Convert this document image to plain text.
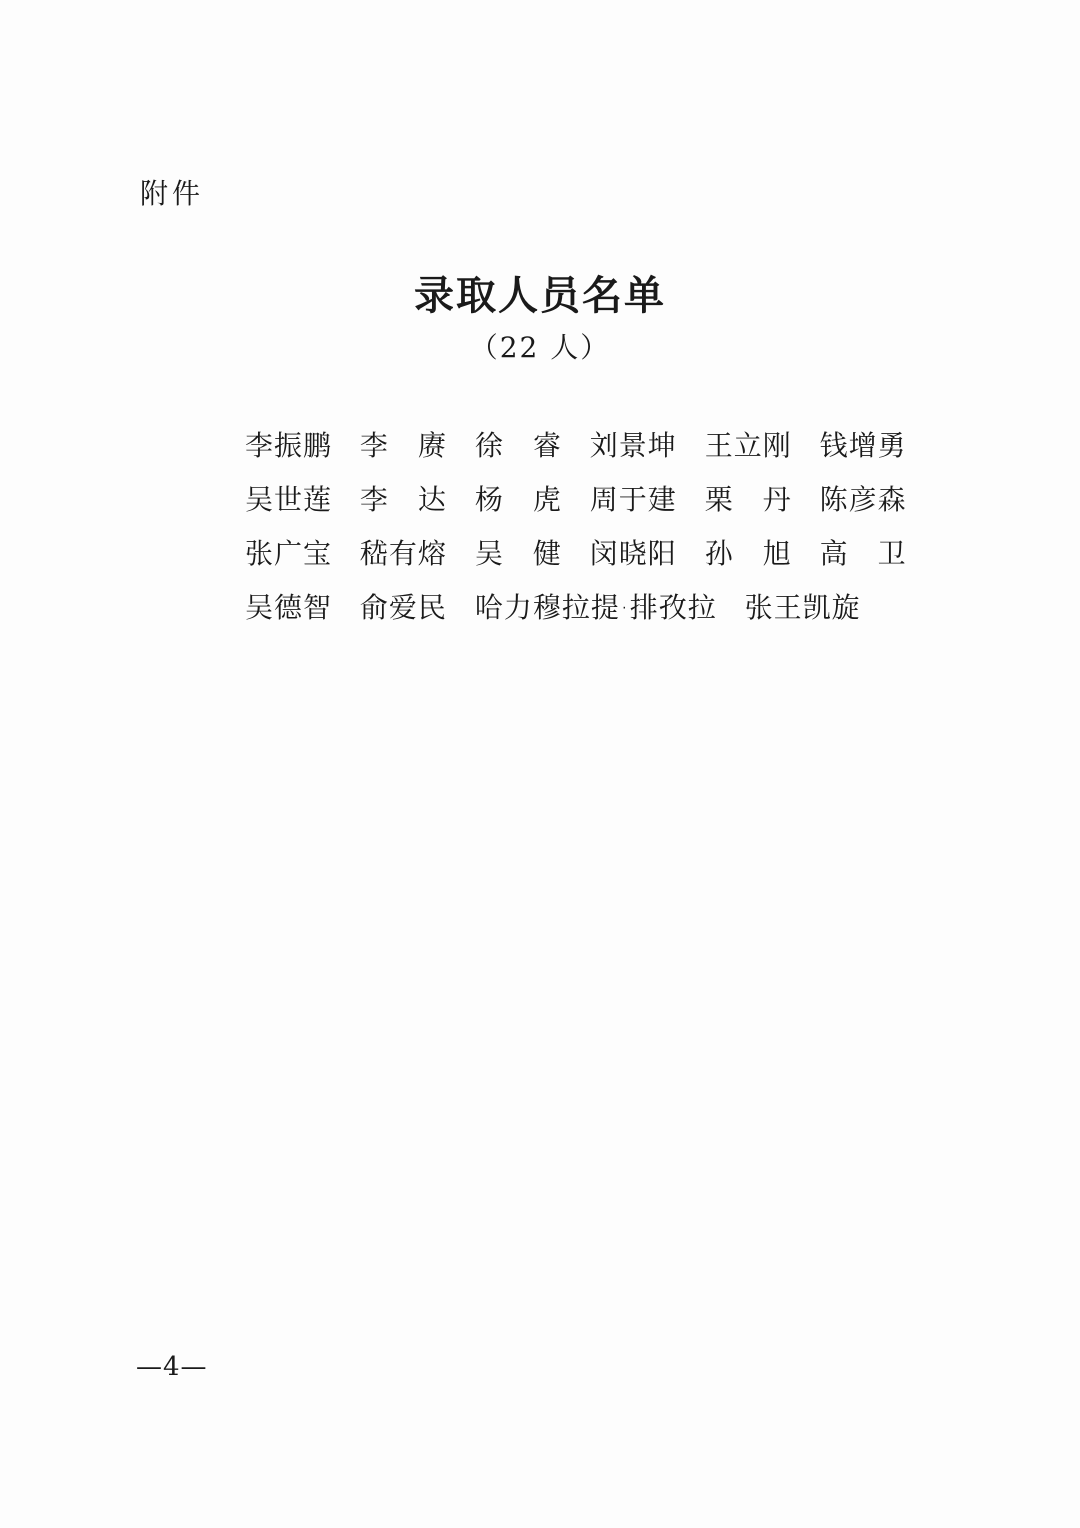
附件
录取人员名单
（22 人）
李振鹏 李　赓 徐　睿 刘景坤 王立刚 钱增勇
吴世莲 李　达 杨　虎 周于建 栗　丹 陈彦森
张广宝 嵇有熔 吴　健 闵晓阳 孙　旭 高　卫
吴德智 俞爱民 哈力穆拉提·排孜拉 张王凯旋
—4—
